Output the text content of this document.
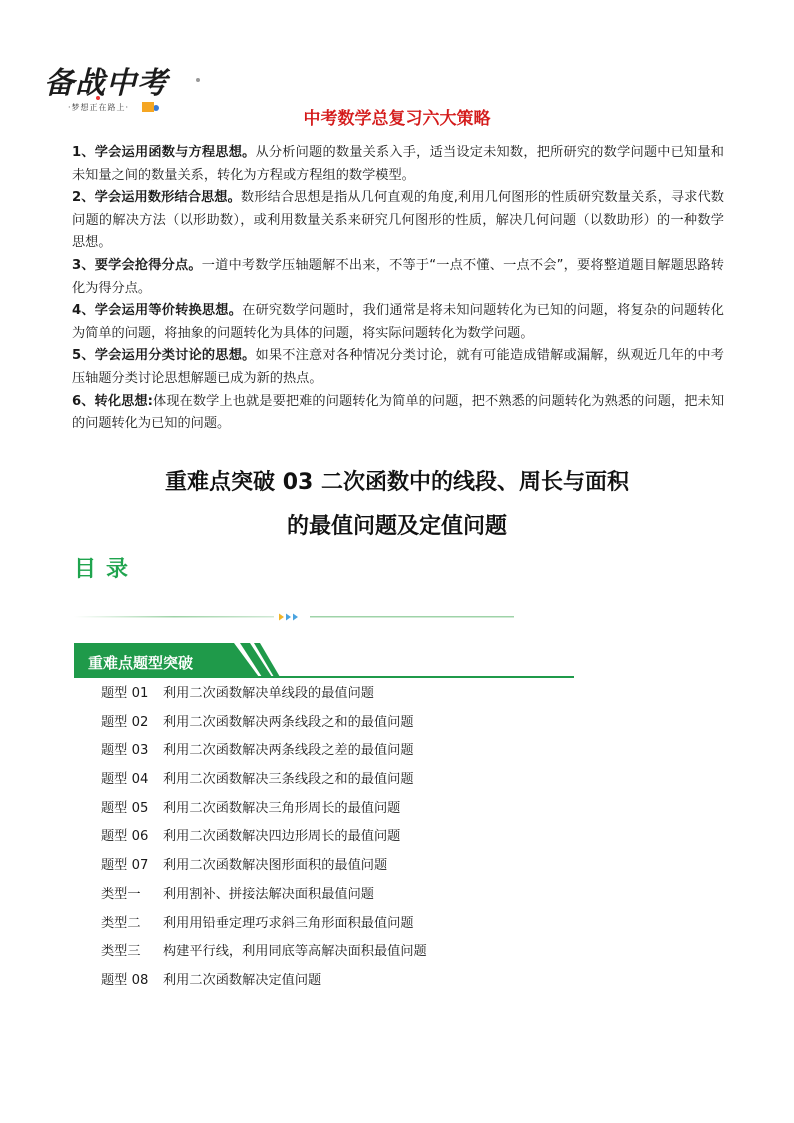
备战中考
·梦想正在路上·
中考数学总复习六大策略

1、学会运用函数与方程思想。从分析问题的数量关系入手，适当设定未知数，把所研究的数学问题中已知量和未知量之间的数量关系，转化为方程或方程组的数学模型。

2、学会运用数形结合思想。数形结合思想是指从几何直观的角度,利用几何图形的性质研究数量关系，寻求代数问题的解决方法（以形助数），或利用数量关系来研究几何图形的性质，解决几何问题（以数助形）的一种数学思想。

3、要学会抢得分点。一道中考数学压轴题解不出来，不等于“一点不懂、一点不会”，要将整道题目解题思路转化为得分点。

4、学会运用等价转换思想。在研究数学问题时，我们通常是将未知问题转化为已知的问题，将复杂的问题转化为简单的问题，将抽象的问题转化为具体的问题，将实际问题转化为数学问题。

5、学会运用分类讨论的思想。如果不注意对各种情况分类讨论，就有可能造成错解或漏解，纵观近几年的中考压轴题分类讨论思想解题已成为新的热点。

6、转化思想:体现在数学上也就是要把难的问题转化为简单的问题，把不熟悉的问题转化为熟悉的问题，把未知的问题转化为已知的问题。

重难点突破 03 二次函数中的线段、周长与面积
的最值问题及定值问题
目录
重难点题型突破
题型 01	利用二次函数解决单线段的最值问题
题型 02	利用二次函数解决两条线段之和的最值问题
题型 03	利用二次函数解决两条线段之差的最值问题
题型 04	利用二次函数解决三条线段之和的最值问题
题型 05	利用二次函数解决三角形周长的最值问题
题型 06	利用二次函数解决四边形周长的最值问题
题型 07	利用二次函数解决图形面积的最值问题
类型一	利用割补、拼接法解决面积最值问题
类型二	利用用铅垂定理巧求斜三角形面积最值问题
类型三	构建平行线，利用同底等高解决面积最值问题
题型 08	利用二次函数解决定值问题
